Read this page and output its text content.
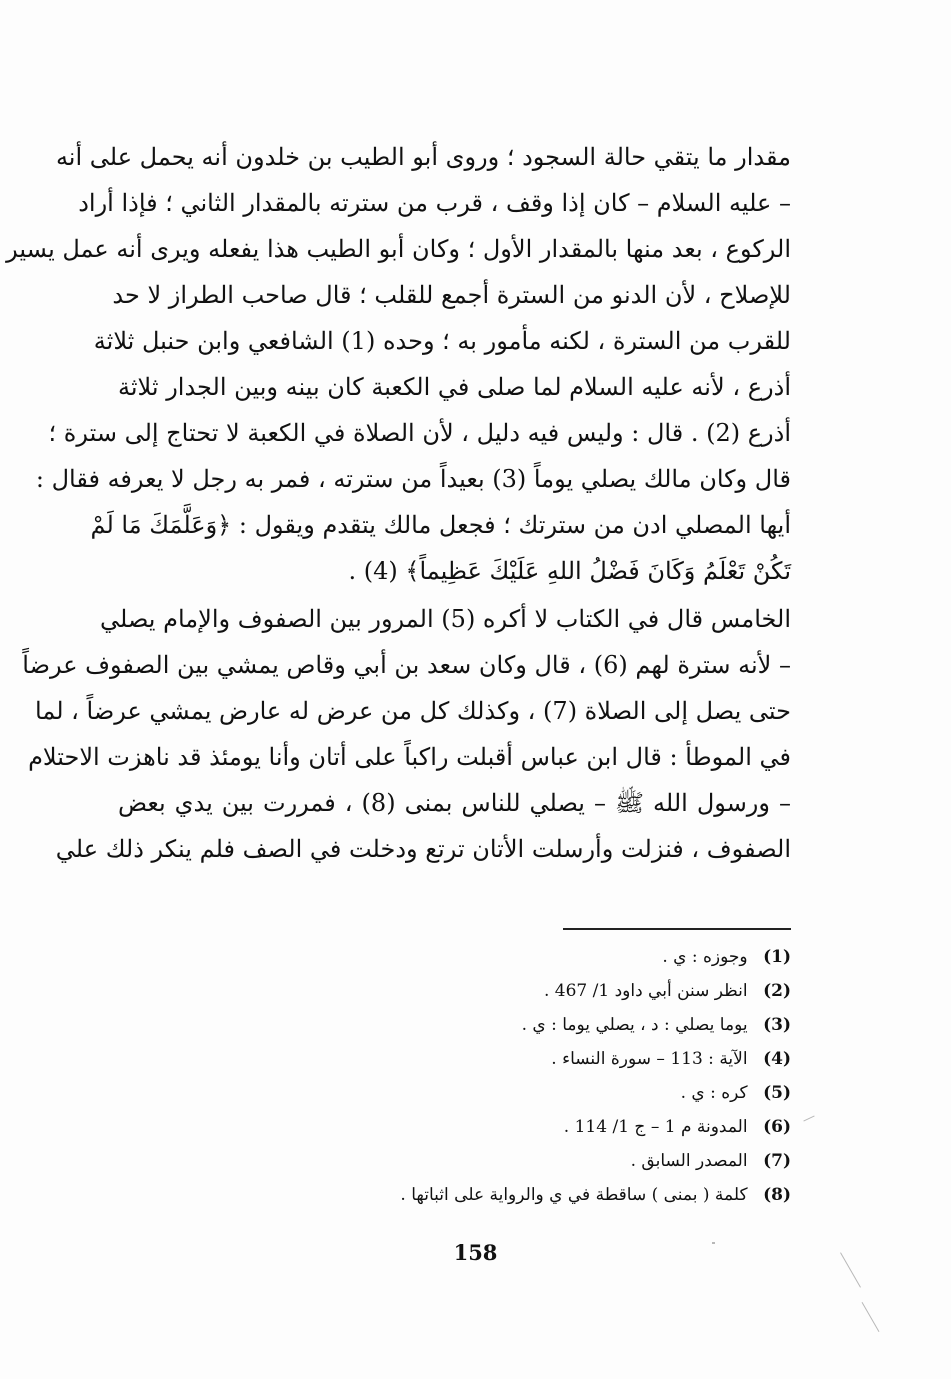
مقدار ما يتقي حالة السجود ؛ وروى أبو الطيب بن خلدون أنه يحمل على أنه
– عليه السلام – كان إذا وقف ، قرب من سترته بالمقدار الثاني ؛ فإذا أراد
الركوع ، بعد منها بالمقدار الأول ؛ وكان أبو الطيب هذا يفعله ويرى أنه عمل يسير
للإصلاح ، لأن الدنو من السترة أجمع للقلب ؛ قال صاحب الطراز لا حد
للقرب من السترة ، لكنه مأمور به ؛ وحده (1) الشافعي وابن حنبل ثلاثة
أذرع ، لأنه عليه السلام لما صلى في الكعبة كان بينه وبين الجدار ثلاثة
أذرع (2) . قال : وليس فيه دليل ، لأن الصلاة في الكعبة لا تحتاج إلى سترة ؛
قال وكان مالك يصلي يوماً (3) بعيداً من سترته ، فمر به رجل لا يعرفه فقال :
أيها المصلي ادن من سترتك ؛ فجعل مالك يتقدم ويقول : ﴿وَعَلَّمَكَ مَا لَمْ
تَكُنْ تَعْلَمُ وَكَانَ فَضْلُ اللهِ عَلَيْكَ عَظِيماً﴾ (4) .
الخامس قال في الكتاب لا أكره (5) المرور بين الصفوف والإمام يصلي
– لأنه سترة لهم (6) ، قال وكان سعد بن أبي وقاص يمشي بين الصفوف عرضاً
حتى يصل إلى الصلاة (7) ، وكذلك كل من عرض له عارض يمشي عرضاً ، لما
في الموطأ : قال ابن عباس أقبلت راكباً على أتان وأنا يومئذ قد ناهزت الاحتلام
– ورسول الله ﷺ – يصلي للناس بمنى (8) ، فمررت بين يدي بعض
الصفوف ، فنزلت وأرسلت الأتان ترتع ودخلت في الصف فلم ينكر ذلك علي
(1) وجوزه : ي .
(2) انظر سنن أبي داود 1/ 467 .
(3) يوما يصلي : د ، يصلي يوما : ي .
(4) الآية : 113 – سورة النساء .
(5) كره : ي .
(6) المدونة م 1 – ج 1/ 114 .
(7) المصدر السابق .
(8) كلمة ( بمنى ) ساقطة في ي والرواية على اثباتها .
158
